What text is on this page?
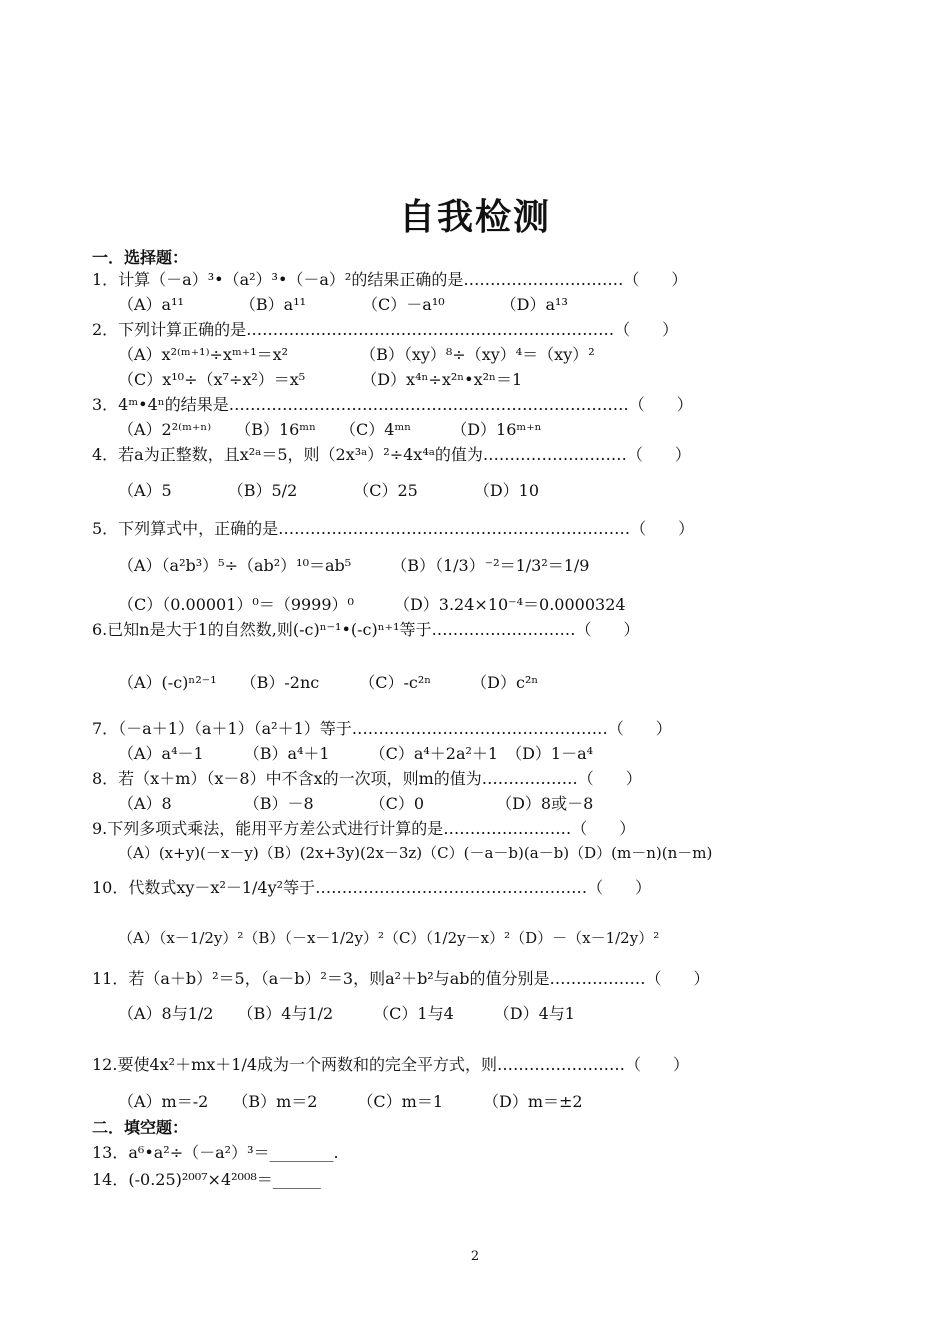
自我检测
一．选择题：
1．计算（－a）³•（a²）³•（－a）²的结果正确的是…………………………（　　）
（A）a¹¹　　　　（B）a¹¹　　　　（C）－a¹⁰　　　　（D）a¹³
2．下列计算正确的是……………………………………………………………（　　）
（A）x²⁽ᵐ⁺¹⁾÷xᵐ⁺¹＝x²　　　　　（B）（xy）⁸÷（xy）⁴＝（xy）²
（C）x¹⁰÷（x⁷÷x²）＝x⁵　　　　（D）x⁴ⁿ÷x²ⁿ•x²ⁿ＝1
3．4ᵐ•4ⁿ的结果是…………………………………………………………………（　　）
（A）2²⁽ᵐ⁺ⁿ⁾　　（B）16ᵐⁿ　　（C）4ᵐⁿ　　　（D）16ᵐ⁺ⁿ
4．若a为正整数，且x²ᵃ＝5，则（2x³ᵃ）²÷4x⁴ᵃ的值为………………………（　　）
（A）5　　　　（B）5/2　　　　（C）25　　　　（D）10
5．下列算式中，正确的是…………………………………………………………（　　）
（A）（a²b³）⁵÷（ab²）¹⁰＝ab⁵　　　（B）（1/3）⁻²＝1/3²＝1/9
（C）（0.00001）⁰＝（9999）⁰　　　（D）3.24×10⁻⁴＝0.0000324
6.已知n是大于1的自然数,则(-c)ⁿ⁻¹•(-c)ⁿ⁺¹等于………………………（　　）
（A）(-c)ⁿ²⁻¹　　（B）-2nc　　　（C）-c²ⁿ　　　（D）c²ⁿ
7．（－a＋1）（a＋1）（a²＋1）等于…………………………………………（　　）
（A）a⁴－1　　　（B）a⁴＋1　　　（C）a⁴＋2a²＋1　（D）1－a⁴
8．若（x＋m）（x－8）中不含x的一次项，则m的值为………………（　　）
（A）8　　　　　（B）－8　　　　（C）0　　　　　（D）8或－8
9.下列多项式乘法，能用平方差公式进行计算的是……………………（　　）
（A）(x+y)(－x－y)（B）(2x+3y)(2x－3z)（C）(－a－b)(a－b)（D）(m－n)(n－m)
10．代数式xy－x²－1/4y²等于……………………………………………（　　）
（A）（x－1/2y）²（B）（－x－1/2y）²（C）（1/2y－x）²（D）－（x－1/2y）²
11．若（a＋b）²＝5，（a－b）²＝3，则a²＋b²与ab的值分别是………………（　　）
（A）8与1/2　　（B）4与1/2　　　（C）1与4　　　（D）4与1
12.要使4x²＋mx＋1/4成为一个两数和的完全平方式，则……………………（　　）
（A）m＝-2　　（B）m＝2　　　（C）m＝1　　　（D）m＝±2
二．填空题：
13．a⁶•a²÷（－a²）³＝________.
14．(-0.25)²⁰⁰⁷×4²⁰⁰⁸＝______
2
